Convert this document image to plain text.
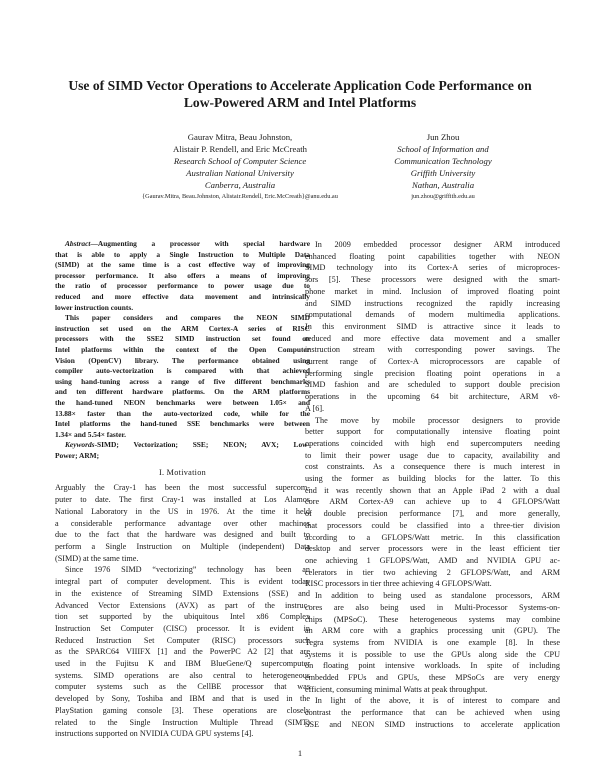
Use of SIMD Vector Operations to Accelerate Application Code Performance on
Low-Powered ARM and Intel Platforms
Gaurav Mitra, Beau Johnston,
Alistair P. Rendell, and Eric McCreath
Research School of Computer Science
Australian National University
Canberra, Australia
{Gaurav.Mitra, Beau.Johnston, Alistair.Rendell, Eric.McCreath}@anu.edu.au
Jun Zhou
School of Information and
Communication Technology
Griffith University
Nathan, Australia
jun.zhou@griffith.edu.au
Abstract—Augmenting a processor with special hardware
that is able to apply a Single Instruction to Multiple Data
(SIMD) at the same time is a cost effective way of improving
processor performance. It also offers a means of improving
the ratio of processor performance to power usage due to
reduced and more effective data movement and intrinsically
lower instruction counts.
This paper considers and compares the NEON SIMD
instruction set used on the ARM Cortex-A series of RISC
processors with the SSE2 SIMD instruction set found on
Intel platforms within the context of the Open Computer
Vision (OpenCV) library. The performance obtained using
compiler auto-vectorization is compared with that achieved
using hand-tuning across a range of five different benchmarks
and ten different hardware platforms. On the ARM platforms
the hand-tuned NEON benchmarks were between 1.05× and
13.88× faster than the auto-vectorized code, while for the
Intel platforms the hand-tuned SSE benchmarks were between
1.34× and 5.54× faster.
Keywords-SIMD; Vectorization; SSE; NEON; AVX; Low-
Power; ARM;
I. Motivation
Arguably the Cray-1 has been the most successful supercom-
puter to date. The first Cray-1 was installed at Los Alamos
National Laboratory in the US in 1976. At the time it held
a considerable performance advantage over other machines
due to the fact that the hardware was designed and built to
perform a Single Instruction on Multiple (independent) Data
(SIMD) at the same time.
Since 1976 SIMD “vectorizing” technology has been an
integral part of computer development. This is evident today
in the existence of Streaming SIMD Extensions (SSE) and
Advanced Vector Extensions (AVX) as part of the instruc-
tion set supported by the ubiquitous Intel x86 Complex
Instruction Set Computer (CISC) processor. It is evident in
Reduced Instruction Set Computer (RISC) processors such
as the SPARC64 VIIIFX [1] and the PowerPC A2 [2] that are
used in the Fujitsu K and IBM BlueGene/Q supercomputer
systems. SIMD operations are also central to heterogeneous
computer systems such as the CellBE processor that was
developed by Sony, Toshiba and IBM and that is used in the
PlayStation gaming console [3]. These operations are closely
related to the Single Instruction Multiple Thread (SIMT)
instructions supported on NVIDIA CUDA GPU systems [4].
In 2009 embedded processor designer ARM introduced
enhanced floating point capabilities together with NEON
SIMD technology into its Cortex-A series of microproces-
sors [5]. These processors were designed with the smart-
phone market in mind. Inclusion of improved floating point
and SIMD instructions recognized the rapidly increasing
computational demands of modern multimedia applications.
In this environment SIMD is attractive since it leads to
reduced and more effective data movement and a smaller
instruction stream with corresponding power savings. The
current range of Cortex-A microprocessors are capable of
performing single precision floating point operations in a
SIMD fashion and are scheduled to support double precision
operations in the upcoming 64 bit architecture, ARM v8-
A [6].
The move by mobile processor designers to provide
better support for computationally intensive floating point
operations coincided with high end supercomputers needing
to limit their power usage due to capacity, availability and
cost constraints. As a consequence there is much interest in
using the former as building blocks for the latter. To this
end it was recently shown that an Apple iPad 2 with a dual
core ARM Cortex-A9 can achieve up to 4 GFLOPS/Watt
of double precision performance [7], and more generally,
that processors could be classified into a three-tier division
according to a GFLOPS/Watt metric. In this classification
desktop and server processors were in the least efficient tier
one achieving 1 GFLOPS/Watt, AMD and NVIDIA GPU ac-
celerators in tier two achieving 2 GFLOPS/Watt, and ARM
RISC processors in tier three achieving 4 GFLOPS/Watt.
In addition to being used as standalone processors, ARM
cores are also being used in Multi-Processor Systems-on-
chips (MPSoC). These heterogeneous systems may combine
an ARM core with a graphics processing unit (GPU). The
Tegra systems from NVIDIA is one example [8]. In these
systems it is possible to use the GPUs along side the CPU
on floating point intensive workloads. In spite of including
embedded FPUs and GPUs, these MPSoCs are very energy
efficient, consuming minimal Watts at peak throughput.
In light of the above, it is of interest to compare and
contrast the performance that can be achieved when using
SSE and NEON SIMD instructions to accelerate application
1
